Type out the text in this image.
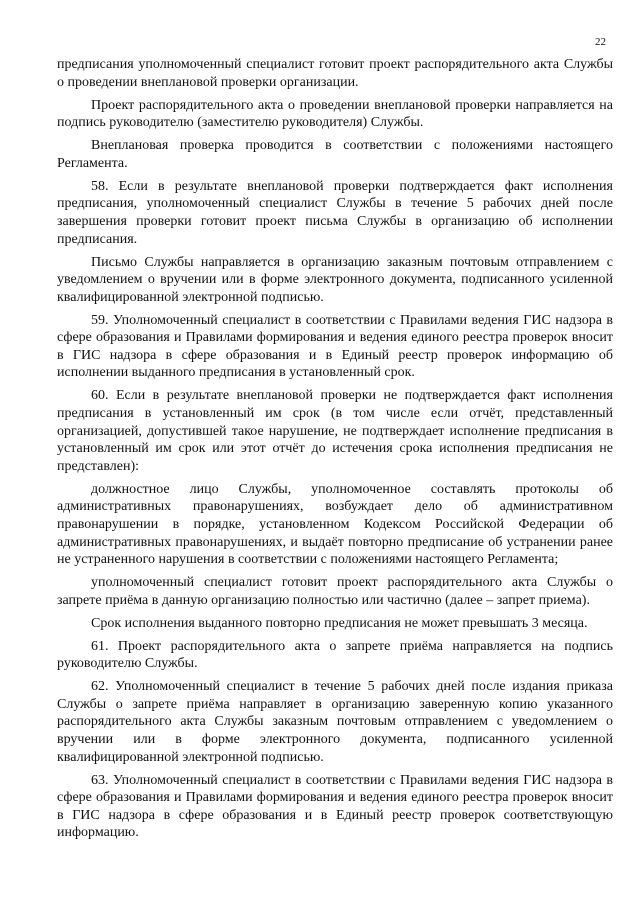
22

предписания уполномоченный специалист готовит проект распорядительного акта Службы о проведении внеплановой проверки организации.

Проект распорядительного акта о проведении внеплановой проверки направляется на подпись руководителю (заместителю руководителя) Службы.

Внеплановая проверка проводится в соответствии с положениями настоящего Регламента.

58. Если в результате внеплановой проверки подтверждается факт исполнения предписания, уполномоченный специалист Службы в течение 5 рабочих дней после завершения проверки готовит проект письма Службы в организацию об исполнении предписания.

Письмо Службы направляется в организацию заказным почтовым отправлением с уведомлением о вручении или в форме электронного документа, подписанного усиленной квалифицированной электронной подписью.

59. Уполномоченный специалист в соответствии с Правилами ведения ГИС надзора в сфере образования и Правилами формирования и ведения единого реестра проверок вносит в ГИС надзора в сфере образования и в Единый реестр проверок информацию об исполнении выданного предписания в установленный срок.

60. Если в результате внеплановой проверки не подтверждается факт исполнения предписания в установленный им срок (в том числе если отчёт, представленный организацией, допустившей такое нарушение, не подтверждает исполнение предписания в установленный им срок или этот отчёт до истечения срока исполнения предписания не представлен):

должностное лицо Службы, уполномоченное составлять протоколы об административных правонарушениях, возбуждает дело об административном правонарушении в порядке, установленном Кодексом Российской Федерации об административных правонарушениях, и выдаёт повторно предписание об устранении ранее не устраненного нарушения в соответствии с положениями настоящего Регламента;

уполномоченный специалист готовит проект распорядительного акта Службы о запрете приёма в данную организацию полностью или частично (далее – запрет приема).

Срок исполнения выданного повторно предписания не может превышать 3 месяца.

61. Проект распорядительного акта о запрете приёма направляется на подпись руководителю Службы.

62. Уполномоченный специалист в течение 5 рабочих дней после издания приказа Службы о запрете приёма направляет в организацию заверенную копию указанного распорядительного акта Службы заказным почтовым отправлением с уведомлением о вручении или в форме электронного документа, подписанного усиленной квалифицированной электронной подписью.

63. Уполномоченный специалист в соответствии с Правилами ведения ГИС надзора в сфере образования и Правилами формирования и ведения единого реестра проверок вносит в ГИС надзора в сфере образования и в Единый реестр проверок соответствующую информацию.
